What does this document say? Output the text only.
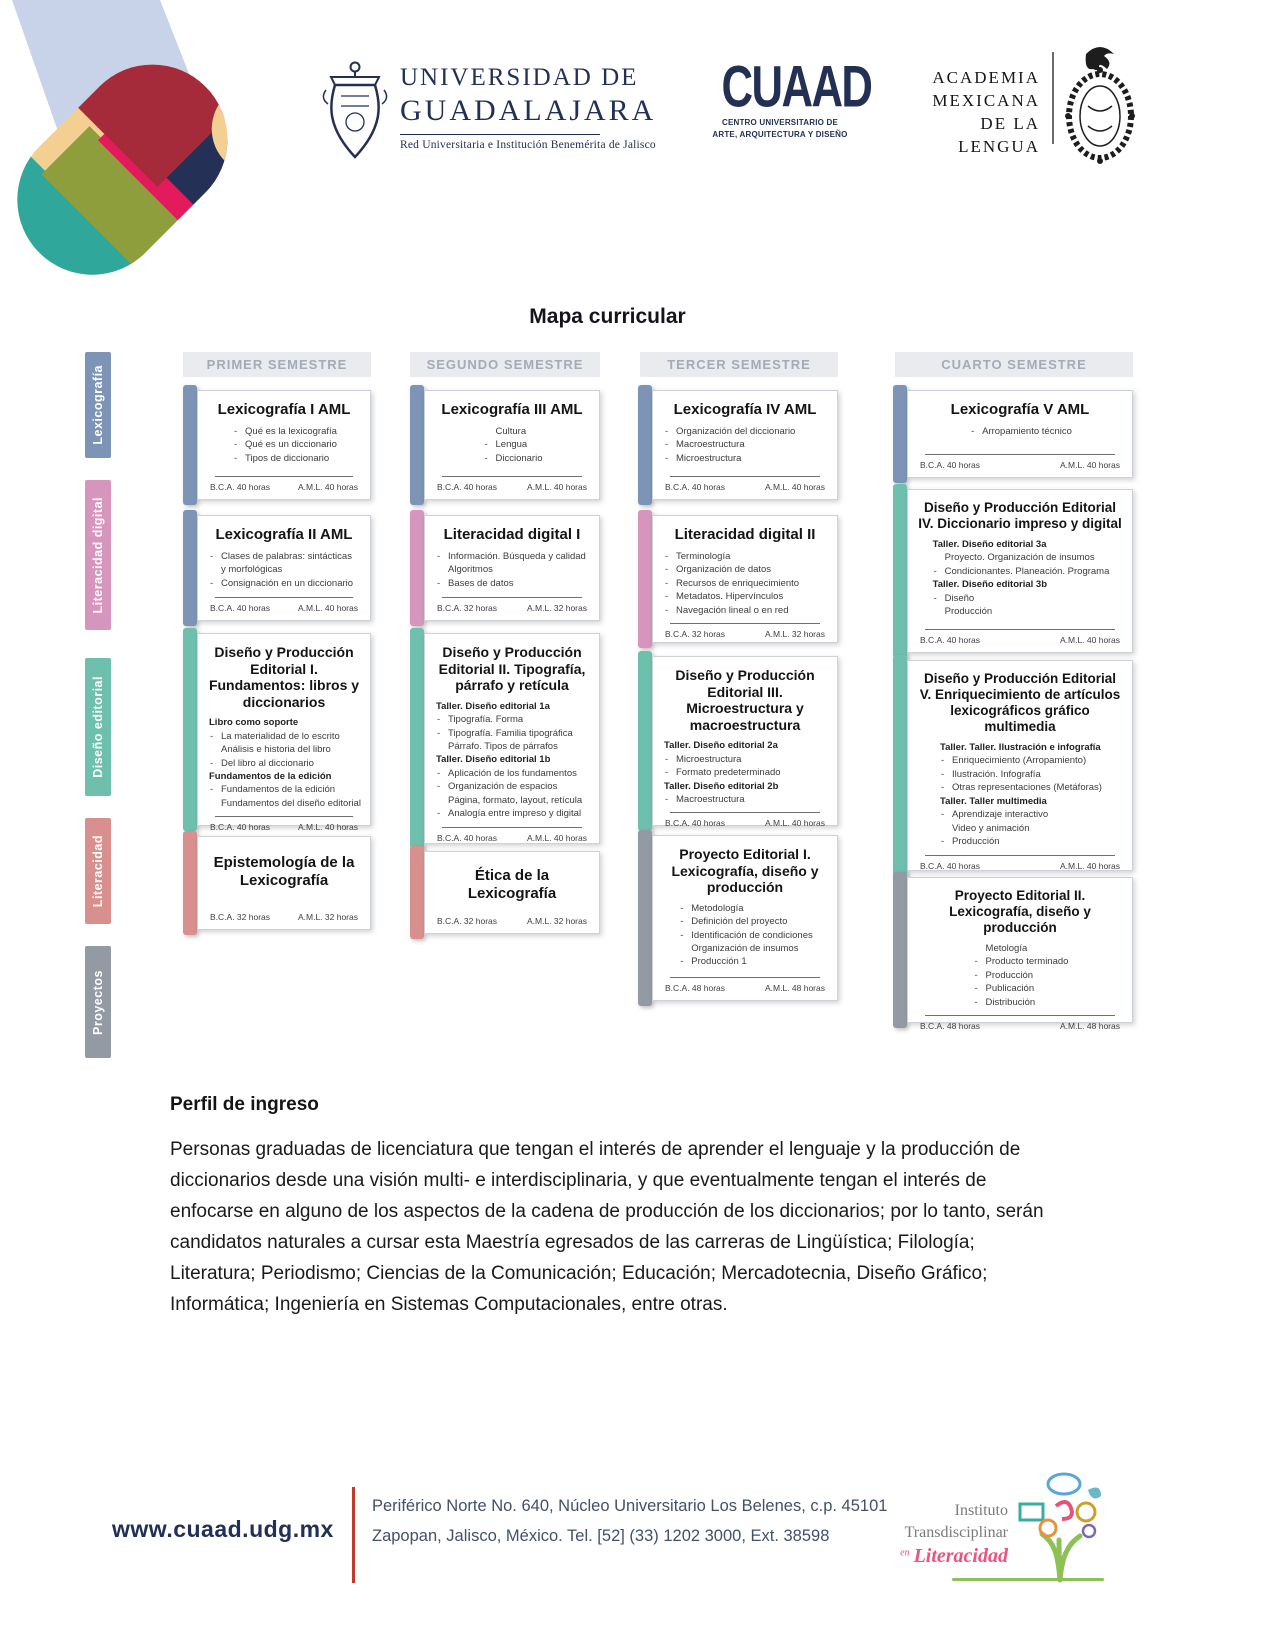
UNIVERSIDAD DE
GUADALAJARA
Red Universitaria e Institución Benemérita de Jalisco
CUAAD
CENTRO UNIVERSITARIO DE
ARTE, ARQUITECTURA Y DISEÑO
ACADEMIA
MEXICANA
DE LA
LENGUA
Mapa curricular
PRIMER SEMESTRE	SEGUNDO SEMESTRE	TERCER SEMESTRE	CUARTO SEMESTRE
Lexicografía
Literacidad digital
Diseño editorial
Literacidad
Proyectos
Lexicografía I AML
- Qué es la lexicografía
- Qué es un diccionario
- Tipos de diccionario
B.C.A. 40 horas	A.M.L. 40 horas
Lexicografía II AML
- Clases de palabras: sintácticas
y morfológicas
- Consignación en un diccionario
B.C.A. 40 horas	A.M.L. 40 horas
Diseño y Producción Editorial I. Fundamentos: libros y diccionarios
Libro como soporte
- La materialidad de lo escrito
Análisis e historia del libro
- Del libro al diccionario
Fundamentos de la edición
- Fundamentos de la edición
Fundamentos del diseño editorial
B.C.A. 40 horas	A.M.L. 40 horas
Epistemología de la Lexicografía
B.C.A. 32 horas	A.M.L. 32 horas
Lexicografía III AML
Cultura
- Lengua
- Diccionario
B.C.A. 40 horas	A.M.L. 40 horas
Literacidad digital I
- Información. Búsqueda y calidad
Algoritmos
- Bases de datos
B.C.A. 32 horas	A.M.L. 32 horas
Diseño y Producción Editorial II. Tipografía, párrafo y retícula
Taller. Diseño editorial 1a
- Tipografía. Forma
- Tipografía. Familia tipográfica
Párrafo. Tipos de párrafos
Taller. Diseño editorial 1b
- Aplicación de los fundamentos
- Organización de espacios
Página, formato, layout, retícula
- Analogía entre impreso y digital
B.C.A. 40 horas	A.M.L. 40 horas
Ética de la Lexicografía
B.C.A. 32 horas	A.M.L. 32 horas
Lexicografía IV AML
- Organización del diccionario
- Macroestructura
- Microestructura
B.C.A. 40 horas	A.M.L. 40 horas
Literacidad digital II
- Terminología
- Organización de datos
- Recursos de enriquecimiento
- Metadatos. Hipervínculos
- Navegación lineal o en red
B.C.A. 32 horas	A.M.L. 32 horas
Diseño y Producción Editorial III. Microestructura y macroestructura
Taller. Diseño editorial 2a
- Microestructura
- Formato predeterminado
Taller. Diseño editorial 2b
- Macroestructura
B.C.A. 40 horas	A.M.L. 40 horas
Proyecto Editorial I. Lexicografía, diseño y producción
- Metodología
- Definición del proyecto
- Identificación de condiciones
Organización de insumos
- Producción 1
B.C.A. 48 horas	A.M.L. 48 horas
Lexicografía V AML
- Arropamiento técnico
B.C.A. 40 horas	A.M.L. 40 horas
Diseño y Producción Editorial IV. Diccionario impreso y digital
Taller. Diseño editorial 3a
Proyecto. Organización de insumos
- Condicionantes. Planeación. Programa
Taller. Diseño editorial 3b
- Diseño
Producción
B.C.A. 40 horas	A.M.L. 40 horas
Diseño y Producción Editorial V. Enriquecimiento de artículos lexicográficos gráfico multimedia
Taller. Taller. Ilustración e infografía
- Enriquecimiento (Arropamiento)
- Ilustración. Infografía
- Otras representaciones (Metáforas)
Taller. Taller multimedia
- Aprendizaje interactivo
Video y animación
- Producción
B.C.A. 40 horas	A.M.L. 40 horas
Proyecto Editorial II. Lexicografía, diseño y producción
Metología
- Producto terminado
- Producción
- Publicación
- Distribución
B.C.A. 48 horas	A.M.L. 48 horas
Perfil de ingreso
Personas graduadas de licenciatura que tengan el interés de aprender el lenguaje y la producción de diccionarios desde una visión multi- e interdisciplinaria, y que eventualmente tengan el interés de enfocarse en alguno de los aspectos de la cadena de producción de los diccionarios; por lo tanto, serán candidatos naturales a cursar esta Maestría egresados de las carreras de Lingüística; Filología; Literatura; Periodismo; Ciencias de la Comunicación; Educación; Mercadotecnia, Diseño Gráfico; Informática; Ingeniería en Sistemas Computacionales, entre otras.
www.cuaad.udg.mx
Periférico Norte No. 640, Núcleo Universitario Los Belenes, c.p. 45101
Zapopan, Jalisco, México. Tel. [52] (33) 1202 3000, Ext. 38598
Instituto
Transdisciplinar
$^{en}$ Literacidad
